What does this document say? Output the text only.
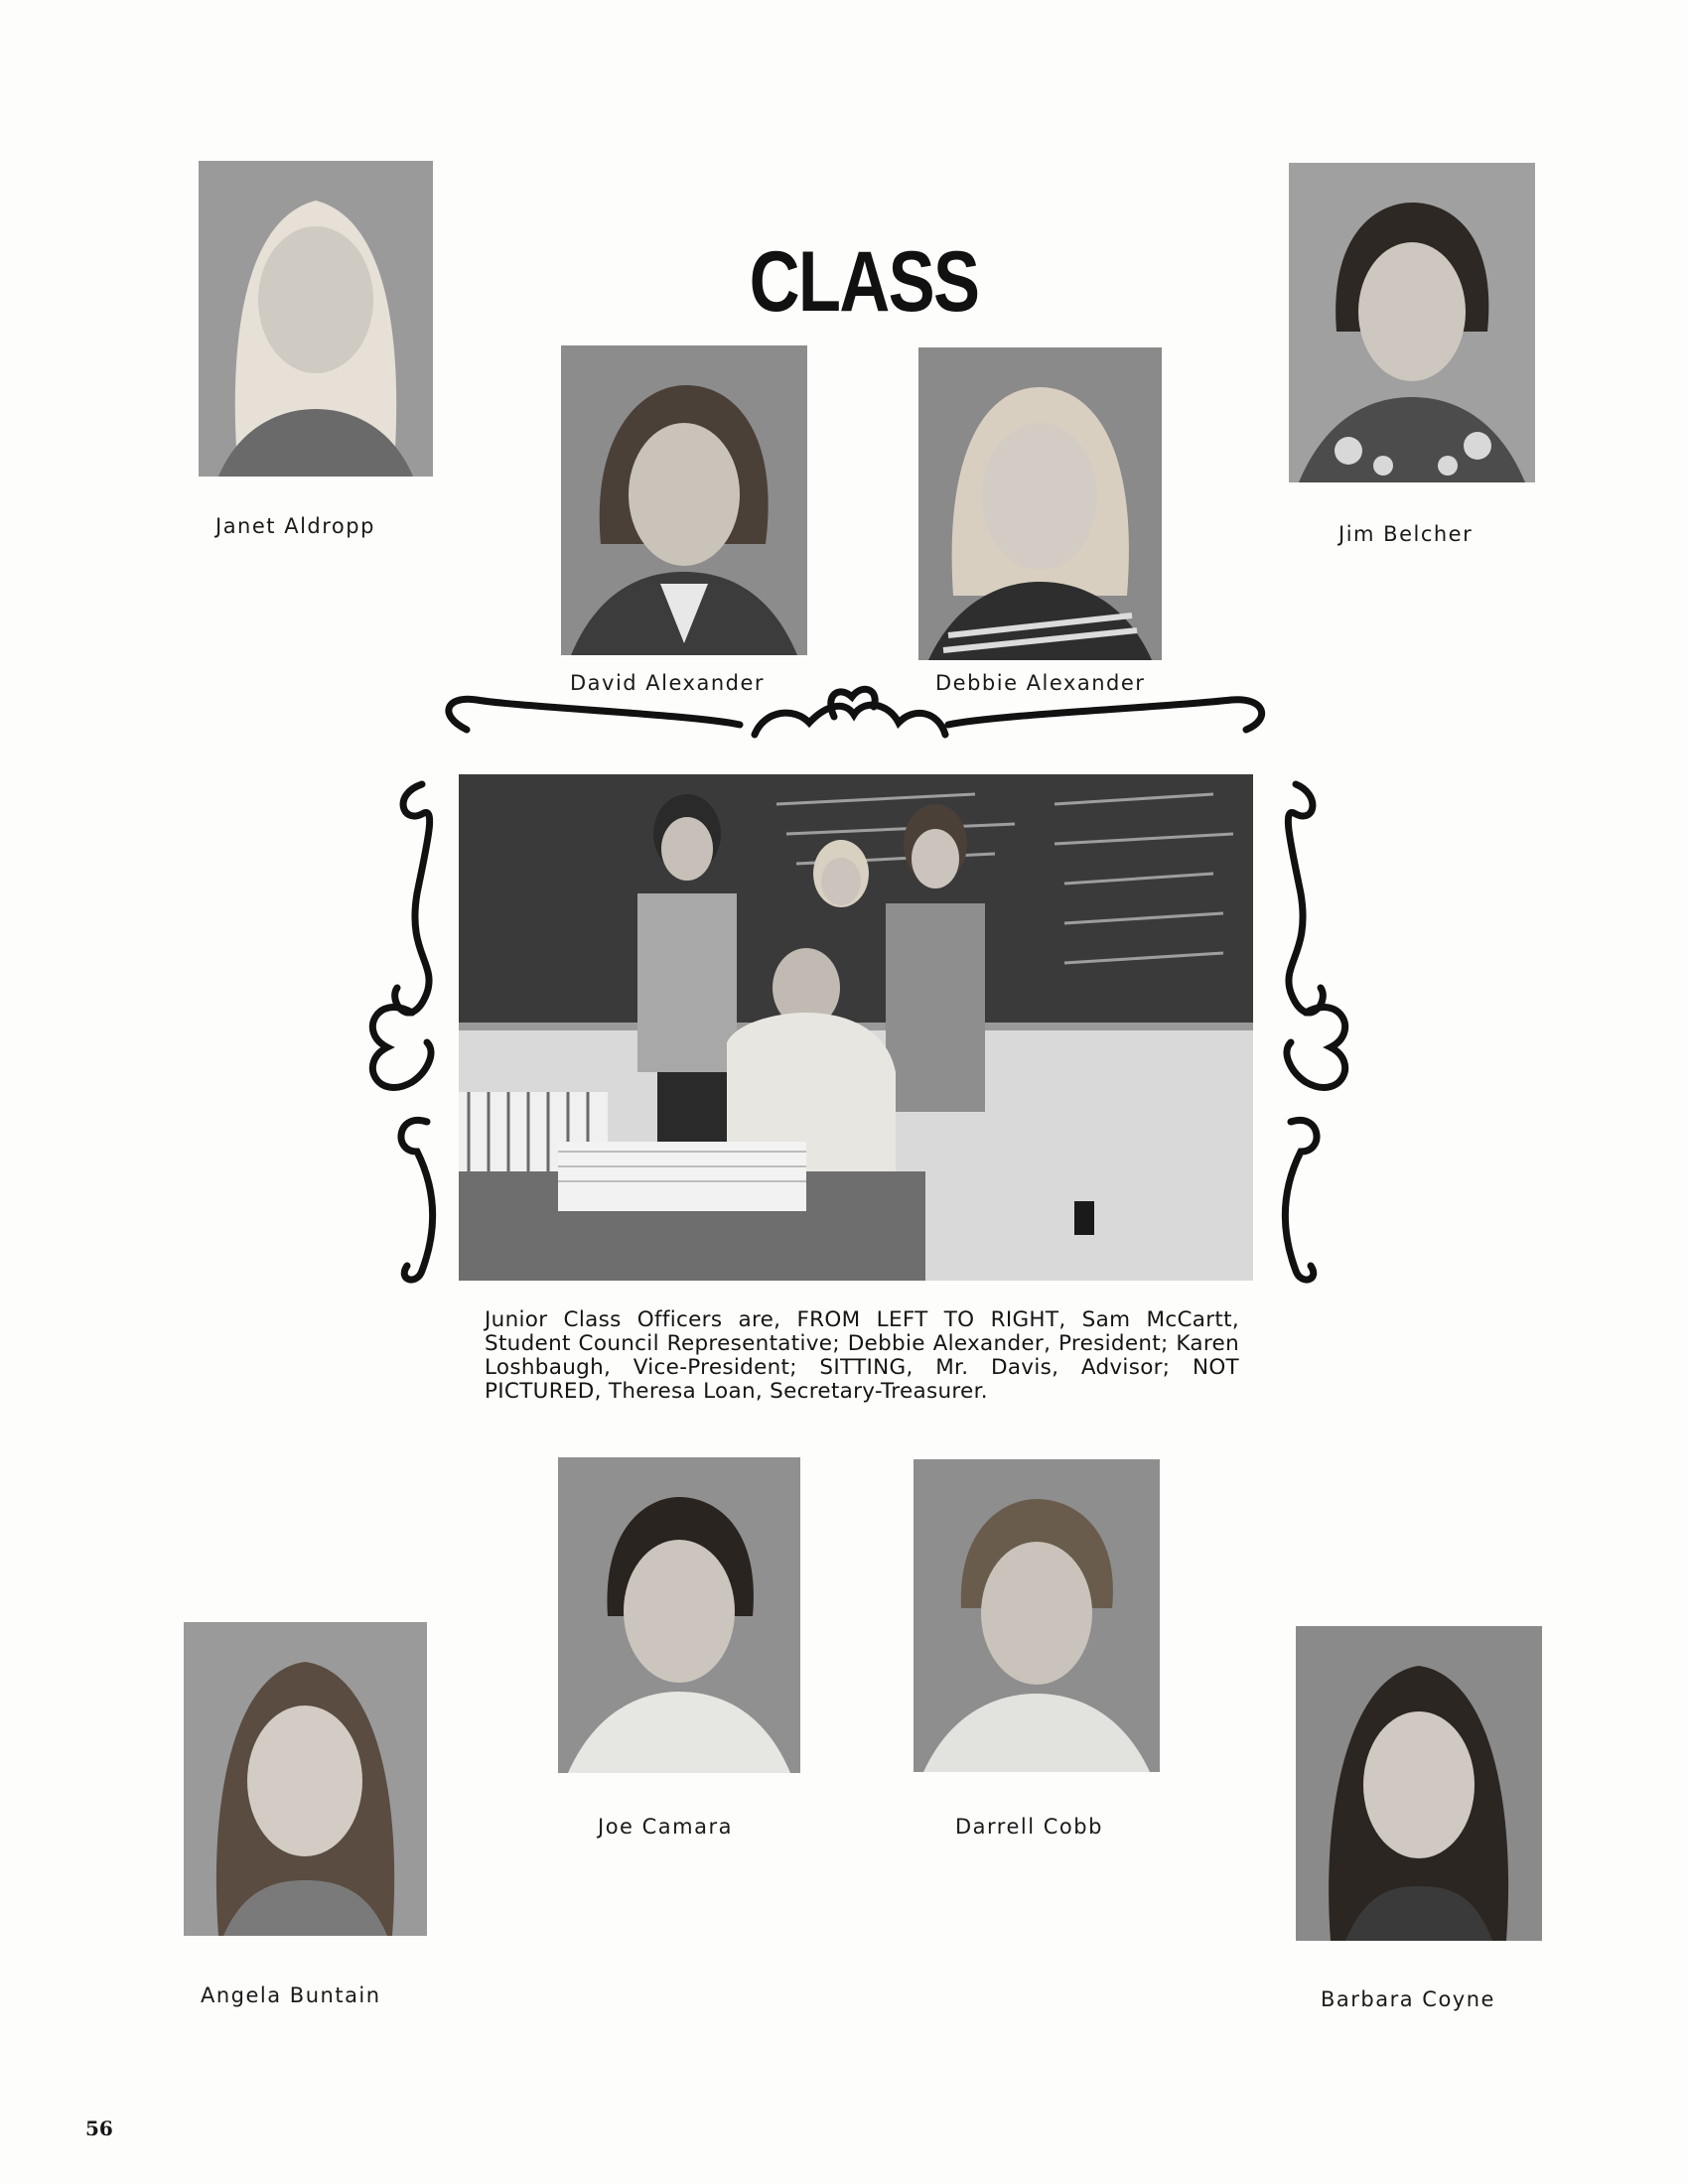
CLASS
Janet Aldropp
David Alexander	Debbie Alexander
Jim Belcher
Junior Class Officers are, FROM LEFT TO RIGHT, Sam McCartt, Student Council Representative; Debbie Alexander, President; Karen Loshbaugh, Vice-President; SITTING, Mr. Davis, Advisor; NOT PICTURED, Theresa Loan, Secretary-Treasurer.
Joe Camara	Darrell Cobb
Angela Buntain	Barbara Coyne
56
